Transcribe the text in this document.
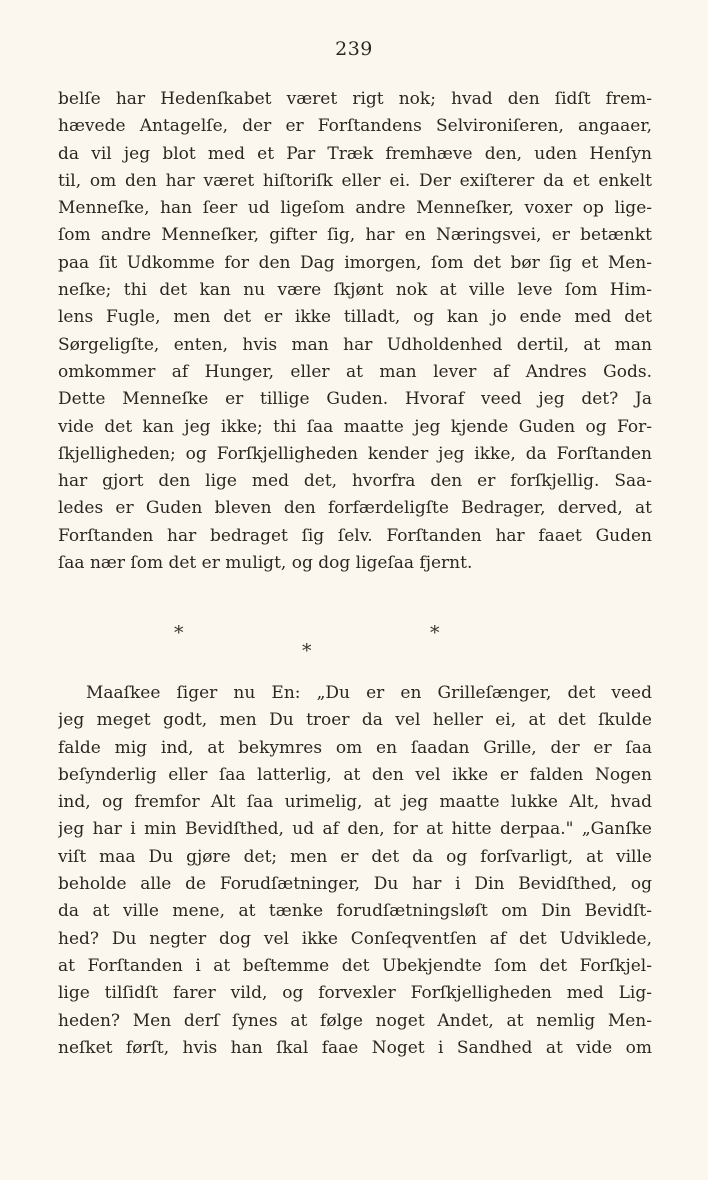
239
belſe har Hedenſkabet været rigt nok; hvad den ſidſt frem-
hævede Antagelſe, der er Forſtandens Selvironiſeren, angaaer,
da vil jeg blot med et Par Træk fremhæve den, uden Henſyn
til, om den har været hiſtoriſk eller ei. Der exiſterer da et enkelt
Menneſke, han ſeer ud ligeſom andre Menneſker, voxer op lige-
ſom andre Menneſker, gifter ſig, har en Næringsvei, er betænkt
paa ſit Udkomme for den Dag imorgen, ſom det bør ſig et Men-
neſke; thi det kan nu være ſkjønt nok at ville leve ſom Him-
lens Fugle, men det er ikke tilladt, og kan jo ende med det
Sørgeligſte, enten, hvis man har Udholdenhed dertil, at man
omkommer af Hunger, eller at man lever af Andres Gods.
Dette Menneſke er tillige Guden. Hvoraf veed jeg det? Ja
vide det kan jeg ikke; thi ſaa maatte jeg kjende Guden og For-
ſkjelligheden; og Forſkjelligheden kender jeg ikke, da Forſtanden
har gjort den lige med det, hvorfra den er forſkjellig. Saa-
ledes er Guden bleven den forfærdeligſte Bedrager, derved, at
Forſtanden har bedraget ſig ſelv. Forſtanden har faaet Guden
ſaa nær ſom det er muligt, og dog ligeſaa fjernt.
*	*
*
Maaſkee ſiger nu En: „Du er en Grilleſænger, det veed
jeg meget godt, men Du troer da vel heller ei, at det ſkulde
falde mig ind, at bekymres om en ſaadan Grille, der er ſaa
beſynderlig eller ſaa latterlig, at den vel ikke er falden Nogen
ind, og fremfor Alt ſaa urimelig, at jeg maatte lukke Alt, hvad
jeg har i min Bevidſthed, ud af den, for at hitte derpaa." „Ganſke
viſt maa Du gjøre det; men er det da og forſvarligt, at ville
beholde alle de Forudſætninger, Du har i Din Bevidſthed, og
da at ville mene, at tænke forudſætningsløſt om Din Bevidſt-
hed? Du negter dog vel ikke Conſeqventſen af det Udviklede,
at Forſtanden i at beſtemme det Ubekjendte ſom det Forſkjel-
lige tilſidſt farer vild, og forvexler Forſkjelligheden med Lig-
heden? Men derſ ſynes at følge noget Andet, at nemlig Men-
neſket førſt, hvis han ſkal faae Noget i Sandhed at vide om
